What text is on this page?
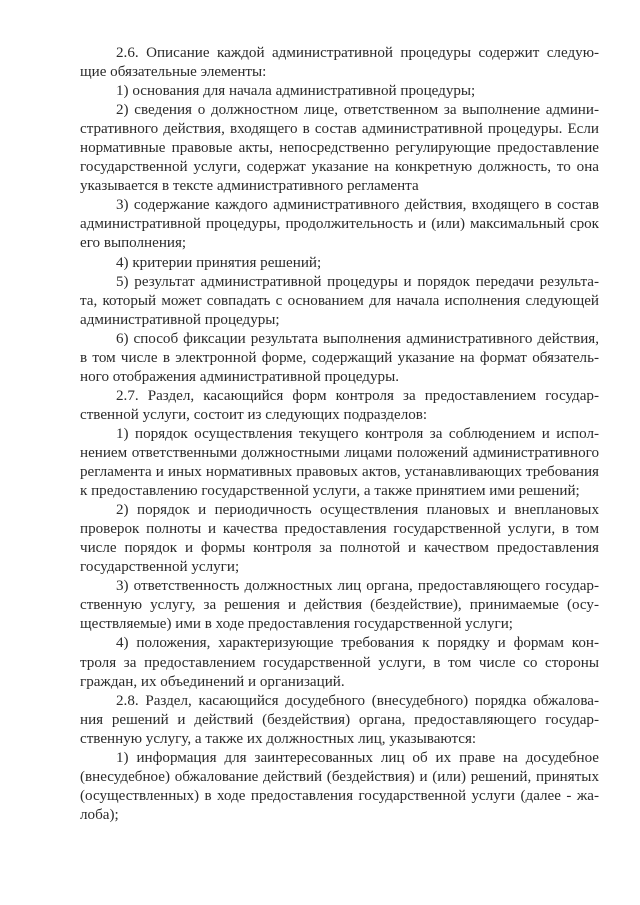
2.6. Описание каждой административной процедуры содержит следую-щие обязательные элементы:

1) основания для начала административной процедуры;

2) сведения о должностном лице, ответственном за выполнение админи-стративного действия, входящего в состав административной процедуры. Если нормативные правовые акты, непосредственно регулирующие предоставление государственной услуги, содержат указание на конкретную должность, то она указывается в тексте административного регламента

3) содержание каждого административного действия, входящего в состав административной процедуры, продолжительность и (или) максимальный срок его выполнения;

4) критерии принятия решений;

5) результат административной процедуры и порядок передачи результа-та, который может совпадать с основанием для начала исполнения следующей административной процедуры;

6) способ фиксации результата выполнения административного действия, в том числе в электронной форме, содержащий указание на формат обязатель-ного отображения административной процедуры.

2.7. Раздел, касающийся форм контроля за предоставлением государ-ственной услуги, состоит из следующих подразделов:

1) порядок осуществления текущего контроля за соблюдением и испол-нением ответственными должностными лицами положений административного регламента и иных нормативных правовых актов, устанавливающих требования к предоставлению государственной услуги, а также принятием ими решений;

2) порядок и периодичность осуществления плановых и внеплановых проверок полноты и качества предоставления государственной услуги, в том числе порядок и формы контроля за полнотой и качеством предоставления государственной услуги;

3) ответственность должностных лиц органа, предоставляющего государ-ственную услугу, за решения и действия (бездействие), принимаемые (осу-ществляемые) ими в ходе предоставления государственной услуги;

4) положения, характеризующие требования к порядку и формам кон-троля за предоставлением государственной услуги, в том числе со стороны граждан, их объединений и организаций.

2.8. Раздел, касающийся досудебного (внесудебного) порядка обжалова-ния решений и действий (бездействия) органа, предоставляющего государ-ственную услугу, а также их должностных лиц, указываются:

1) информация для заинтересованных лиц об их праве на досудебное (внесудебное) обжалование действий (бездействия) и (или) решений, принятых (осуществленных) в ходе предоставления государственной услуги (далее - жа-лоба);
